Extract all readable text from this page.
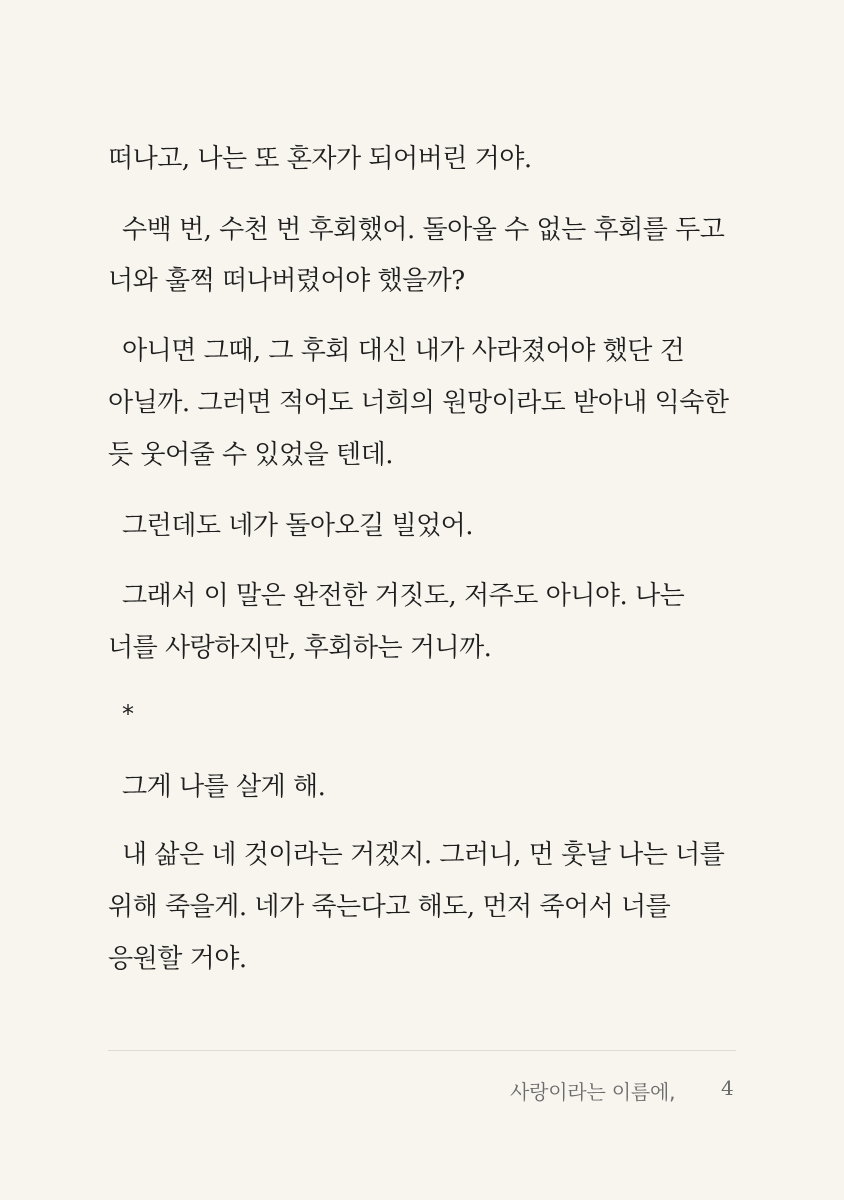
떠나고, 나는 또 혼자가 되어버린 거야.
수백 번, 수천 번 후회했어. 돌아올 수 없는 후회를 두고
너와 훌쩍 떠나버렸어야 했을까?
아니면 그때, 그 후회 대신 내가 사라졌어야 했단 건
아닐까. 그러면 적어도 너희의 원망이라도 받아내 익숙한
듯 웃어줄 수 있었을 텐데.
그런데도 네가 돌아오길 빌었어.
그래서 이 말은 완전한 거짓도, 저주도 아니야. 나는
너를 사랑하지만, 후회하는 거니까.
*
그게 나를 살게 해.
내 삶은 네 것이라는 거겠지. 그러니, 먼 훗날 나는 너를
위해 죽을게. 네가 죽는다고 해도, 먼저 죽어서 너를
응원할 거야.
사랑이라는 이름에, 4
